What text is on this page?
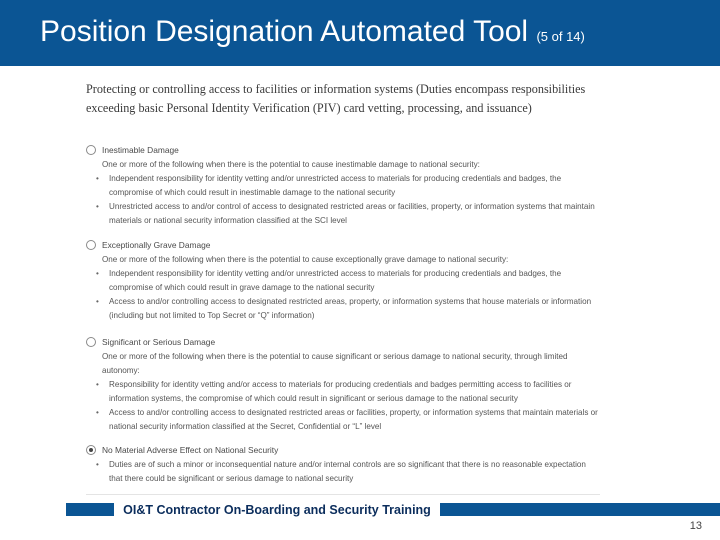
Position Designation Automated Tool (5 of 14)
Protecting or controlling access to facilities or information systems (Duties encompass responsibilities exceeding basic Personal Identity Verification (PIV) card vetting, processing, and issuance)
Inestimable Damage
One or more of the following when there is the potential to cause inestimable damage to national security:
• Independent responsibility for identity vetting and/or unrestricted access to materials for producing credentials and badges, the compromise of which could result in inestimable damage to the national security
• Unrestricted access to and/or control of access to designated restricted areas or facilities, property, or information systems that maintain materials or national security information classified at the SCI level
Exceptionally Grave Damage
One or more of the following when there is the potential to cause exceptionally grave damage to national security:
• Independent responsibility for identity vetting and/or unrestricted access to materials for producing credentials and badges, the compromise of which could result in grave damage to the national security
• Access to and/or controlling access to designated restricted areas, property, or information systems that house materials or information (including but not limited to Top Secret or “Q” information)
Significant or Serious Damage
One or more of the following when there is the potential to cause significant or serious damage to national security, through limited autonomy:
• Responsibility for identity vetting and/or access to materials for producing credentials and badges permitting access to facilities or information systems, the compromise of which could result in significant or serious damage to the national security
• Access to and/or controlling access to designated restricted areas or facilities, property, or information systems that maintain materials or national security information classified at the Secret, Confidential or “L” level
No Material Adverse Effect on National Security
• Duties are of such a minor or inconsequential nature and/or internal controls are so significant that there is no reasonable expectation that there could be significant or serious damage to national security
OI&T Contractor On-Boarding and Security Training
13
